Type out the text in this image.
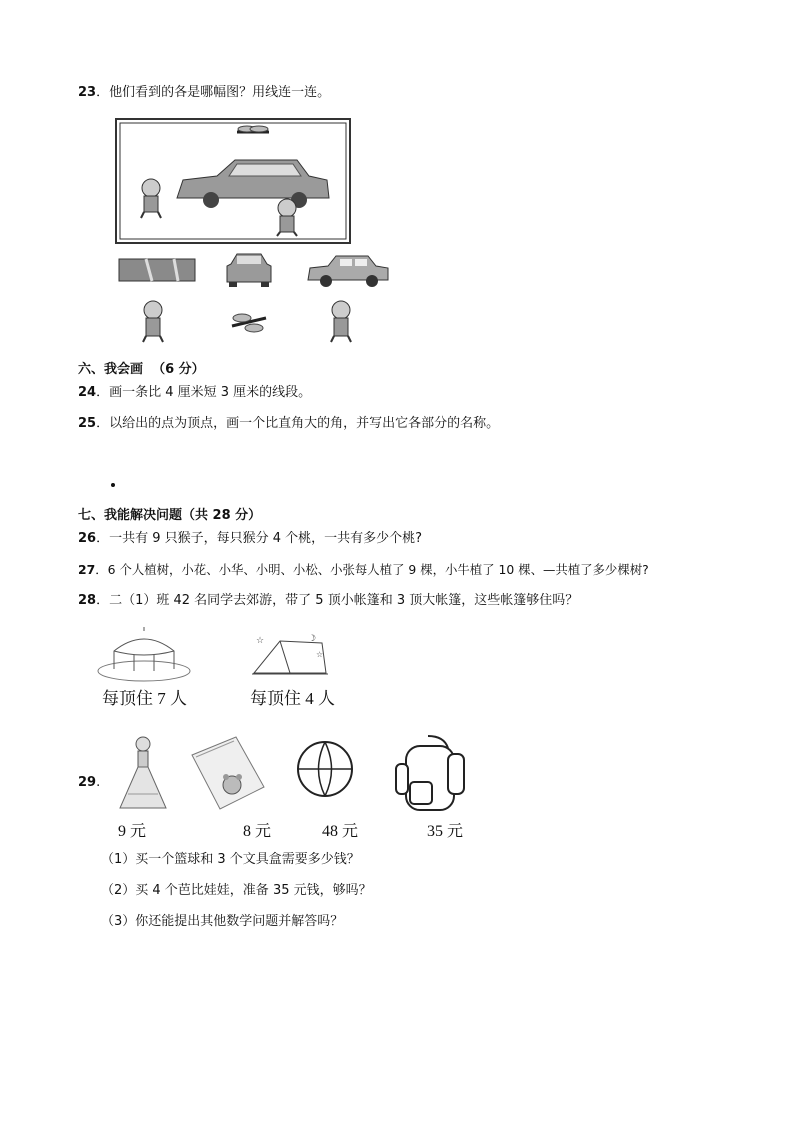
23．他们看到的各是哪幅图？用线连一连。
六、我会画 （6 分）
24．画一条比 4 厘米短 3 厘米的线段。
25．以给出的点为顶点，画一个比直角大的角，并写出它各部分的名称。
七、我能解决问题（共 28 分）
26．一共有 9 只猴子，每只猴分 4 个桃，一共有多少个桃?
27．6 个人植树，小花、小华、小明、小松、小张每人植了 9 棵，小牛植了 10 棵、—共植了多少棵树?
28．二（1）班 42 名同学去郊游，带了 5 顶小帐篷和 3 顶大帐篷，这些帐篷够住吗？
每顶住 7 人
☆	☽
☆
每顶住 4 人
29.
9 元	8 元	48 元	35 元
（1）买一个篮球和 3 个文具盒需要多少钱？
（2）买 4 个芭比娃娃，准备 35 元钱，够吗？
（3）你还能提出其他数学问题并解答吗？
